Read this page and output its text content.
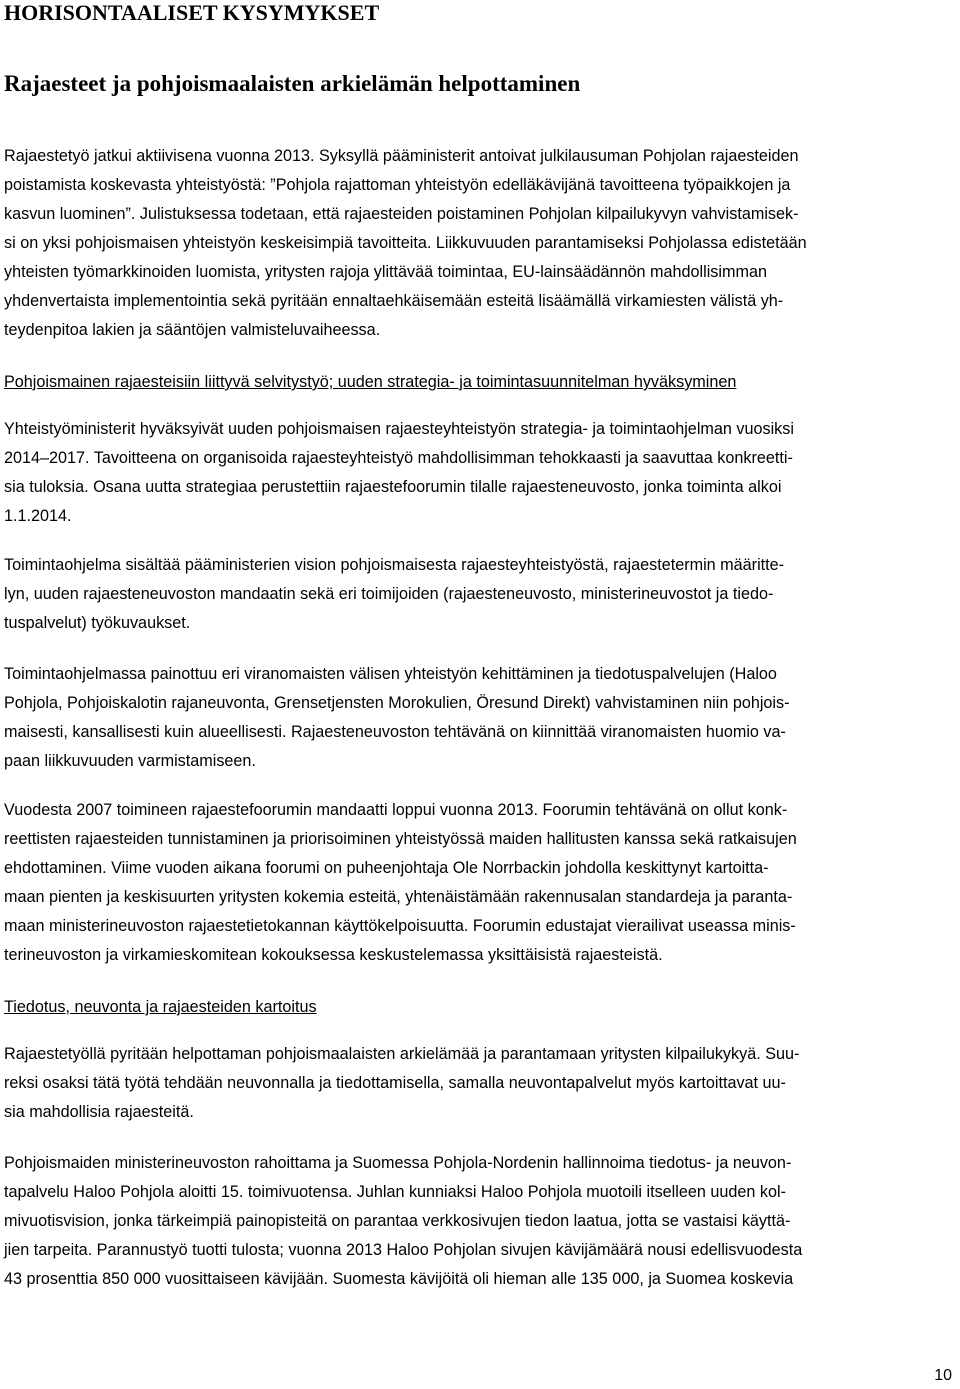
HORISONTAALISET KYSYMYKSET
Rajaesteet ja pohjoismaalaisten arkielämän helpottaminen

Rajaestetyö jatkui aktiivisena vuonna 2013. Syksyllä pääministerit antoivat julkilausuman Pohjolan rajaesteiden
poistamista koskevasta yhteistyöstä: ”Pohjola rajattoman yhteistyön edelläkävijänä tavoitteena työpaikkojen ja
kasvun luominen”. Julistuksessa todetaan, että rajaesteiden poistaminen Pohjolan kilpailukyvyn vahvistamisek-
si on yksi pohjoismaisen yhteistyön keskeisimpiä tavoitteita. Liikkuvuuden parantamiseksi Pohjolassa edistetään
yhteisten työmarkkinoiden luomista, yritysten rajoja ylittävää toimintaa, EU-lainsäädännön mahdollisimman
yhdenvertaista implementointia sekä pyritään ennaltaehkäisemään esteitä lisäämällä virkamiesten välistä yh-
teydenpitoa lakien ja sääntöjen valmisteluvaiheessa.

Pohjoismainen rajaesteisiin liittyvä selvitystyö; uuden strategia- ja toimintasuunnitelman hyväksyminen

Yhteistyöministerit hyväksyivät uuden pohjoismaisen rajaesteyhteistyön strategia- ja toimintaohjelman vuosiksi
2014–2017. Tavoitteena on organisoida rajaesteyhteistyö mahdollisimman tehokkaasti ja saavuttaa konkreetti-
sia tuloksia. Osana uutta strategiaa perustettiin rajaestefoorumin tilalle rajaesteneuvosto, jonka toiminta alkoi
1.1.2014.

Toimintaohjelma sisältää pääministerien vision pohjoismaisesta rajaesteyhteistyöstä, rajaestetermin määritte-
lyn, uuden rajaesteneuvoston mandaatin sekä eri toimijoiden (rajaesteneuvosto, ministerineuvostot ja tiedo-
tuspalvelut) työkuvaukset.

Toimintaohjelmassa painottuu eri viranomaisten välisen yhteistyön kehittäminen ja tiedotuspalvelujen (Haloo
Pohjola, Pohjoiskalotin rajaneuvonta, Grensetjensten Morokulien, Öresund Direkt) vahvistaminen niin pohjois-
maisesti, kansallisesti kuin alueellisesti. Rajaesteneuvoston tehtävänä on kiinnittää viranomaisten huomio va-
paan liikkuvuuden varmistamiseen.

Vuodesta 2007 toimineen rajaestefoorumin mandaatti loppui vuonna 2013. Foorumin tehtävänä on ollut konk-
reettisten rajaesteiden tunnistaminen ja priorisoiminen yhteistyössä maiden hallitusten kanssa sekä ratkaisujen
ehdottaminen. Viime vuoden aikana foorumi on puheenjohtaja Ole Norrbackin johdolla keskittynyt kartoitta-
maan pienten ja keskisuurten yritysten kokemia esteitä, yhtenäistämään rakennusalan standardeja ja paranta-
maan ministerineuvoston rajaestetietokannan käyttökelpoisuutta. Foorumin edustajat vierailivat useassa minis-
terineuvoston ja virkamieskomitean kokouksessa keskustelemassa yksittäisistä rajaesteistä.

Tiedotus, neuvonta ja rajaesteiden kartoitus

Rajaestetyöllä pyritään helpottaman pohjoismaalaisten arkielämää ja parantamaan yritysten kilpailukykyä. Suu-
reksi osaksi tätä työtä tehdään neuvonnalla ja tiedottamisella, samalla neuvontapalvelut myös kartoittavat uu-
sia mahdollisia rajaesteitä.

Pohjoismaiden ministerineuvoston rahoittama ja Suomessa Pohjola-Nordenin hallinnoima tiedotus- ja neuvon-
tapalvelu Haloo Pohjola aloitti 15. toimivuotensa. Juhlan kunniaksi Haloo Pohjola muotoili itselleen uuden kol-
mivuotisvision, jonka tärkeimpiä painopisteitä on parantaa verkkosivujen tiedon laatua, jotta se vastaisi käyttä-
jien tarpeita. Parannustyö tuotti tulosta; vuonna 2013 Haloo Pohjolan sivujen kävijämäärä nousi edellisvuodesta
43 prosenttia 850 000 vuosittaiseen kävijään. Suomesta kävijöitä oli hieman alle 135 000, ja Suomea koskevia

10
